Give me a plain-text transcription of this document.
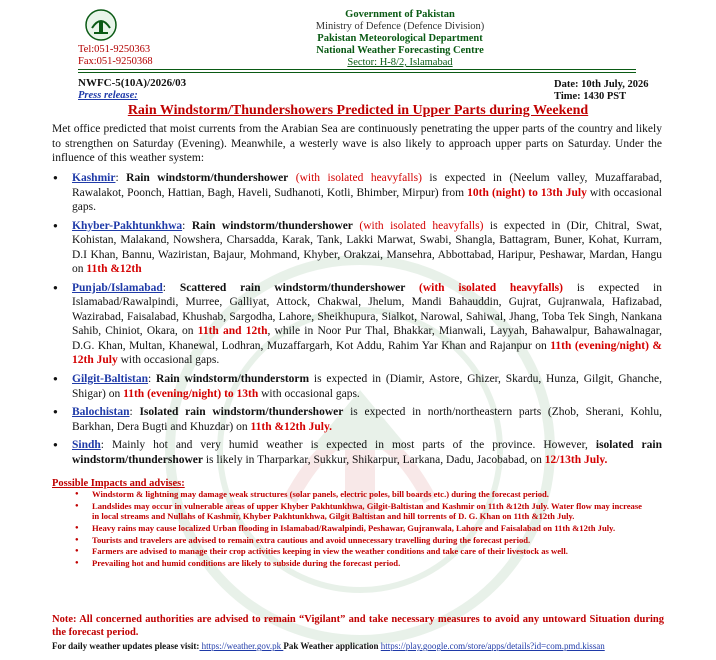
Tel:051-9250363
Fax:051-9250368
Government of Pakistan
Ministry of Defence (Defence Division)
Pakistan Meteorological Department
National Weather Forecasting Centre
Sector: H-8/2, Islamabad
NWFC-5(10A)/2026/03
Press release:
Date: 10th July, 2026
Time: 1430 PST
Rain Windstorm/Thundershowers Predicted in Upper Parts during Weekend
Met office predicted that moist currents from the Arabian Sea are continuously penetrating the upper parts of the country and likely to strengthen on Saturday (Evening). Meanwhile, a westerly wave is also likely to approach upper parts on Saturday. Under the influence of this weather system:
● Kashmir: Rain windstorm/thundershower (with isolated heavyfalls) is expected in (Neelum valley, Muzaffarabad, Rawalakot, Poonch, Hattian, Bagh, Haveli, Sudhanoti, Kotli, Bhimber, Mirpur) from 10th (night) to 13th July with occasional gaps.
● Khyber-Pakhtunkhwa: Rain windstorm/thundershower (with isolated heavyfalls) is expected in (Dir, Chitral, Swat, Kohistan, Malakand, Nowshera, Charsadda, Karak, Tank, Lakki Marwat, Swabi, Shangla, Battagram, Buner, Kohat, Kurram, D.I Khan, Bannu, Waziristan, Bajaur, Mohmand, Khyber, Orakzai, Mansehra, Abbottabad, Haripur, Peshawar, Mardan, Hangu on 11th &12th
● Punjab/Islamabad: Scattered rain windstorm/thundershower (with isolated heavyfalls) is expected in Islamabad/Rawalpindi, Murree, Galliyat, Attock, Chakwal, Jhelum, Mandi Bahauddin, Gujrat, Gujranwala, Hafizabad, Wazirabad, Faisalabad, Khushab, Sargodha, Lahore, Sheikhupura, Sialkot, Narowal, Sahiwal, Jhang, Toba Tek Singh, Nankana Sahib, Chiniot, Okara, on 11th and 12th, while in Noor Pur Thal, Bhakkar, Mianwali, Layyah, Bahawalpur, Bahawalnagar, D.G. Khan, Multan, Khanewal, Lodhran, Muzaffargarh, Kot Addu, Rahim Yar Khan and Rajanpur on 11th (evening/night) & 12th July with occasional gaps.
● Gilgit-Baltistan: Rain windstorm/thunderstorm is expected in (Diamir, Astore, Ghizer, Skardu, Hunza, Gilgit, Ghanche, Shigar) on 11th (evening/night) to 13th with occasional gaps.
● Balochistan: Isolated rain windstorm/thundershower is expected in north/northeastern parts (Zhob, Sherani, Kohlu, Barkhan, Dera Bugti and Khuzdar) on 11th &12th July.
● Sindh: Mainly hot and very humid weather is expected in most parts of the province. However, isolated rain windstorm/thundershower is likely in Tharparkar, Sukkur, Shikarpur, Larkana, Dadu, Jacobabad, on 12/13th July.
Possible Impacts and advises:
● Windstorm & lightning may damage weak structures (solar panels, electric poles, bill boards etc.) during the forecast period.
● Landslides may occur in vulnerable areas of upper Khyber Pakhtunkhwa, Gilgit-Baltistan and Kashmir on 11th &12th July. Water flow may increase in local streams and Nullahs of Kashmir, Khyber Pakhtunkhwa, Gilgit Baltistan and hill torrents of D. G. Khan on 11th &12th July.
● Heavy rains may cause localized Urban flooding in Islamabad/Rawalpindi, Peshawar, Gujranwala, Lahore and Faisalabad on 11th &12th July.
● Tourists and travelers are advised to remain extra cautious and avoid unnecessary travelling during the forecast period.
● Farmers are advised to manage their crop activities keeping in view the weather conditions and take care of their livestock as well.
● Prevailing hot and humid conditions are likely to subside during the forecast period.
Note: All concerned authorities are advised to remain “Vigilant” and take necessary measures to avoid any untoward Situation during the forecast period.
For daily weather updates please visit: https://weather.gov.pk Pak Weather application https://play.google.com/store/apps/details?id=com.pmd.kissan
